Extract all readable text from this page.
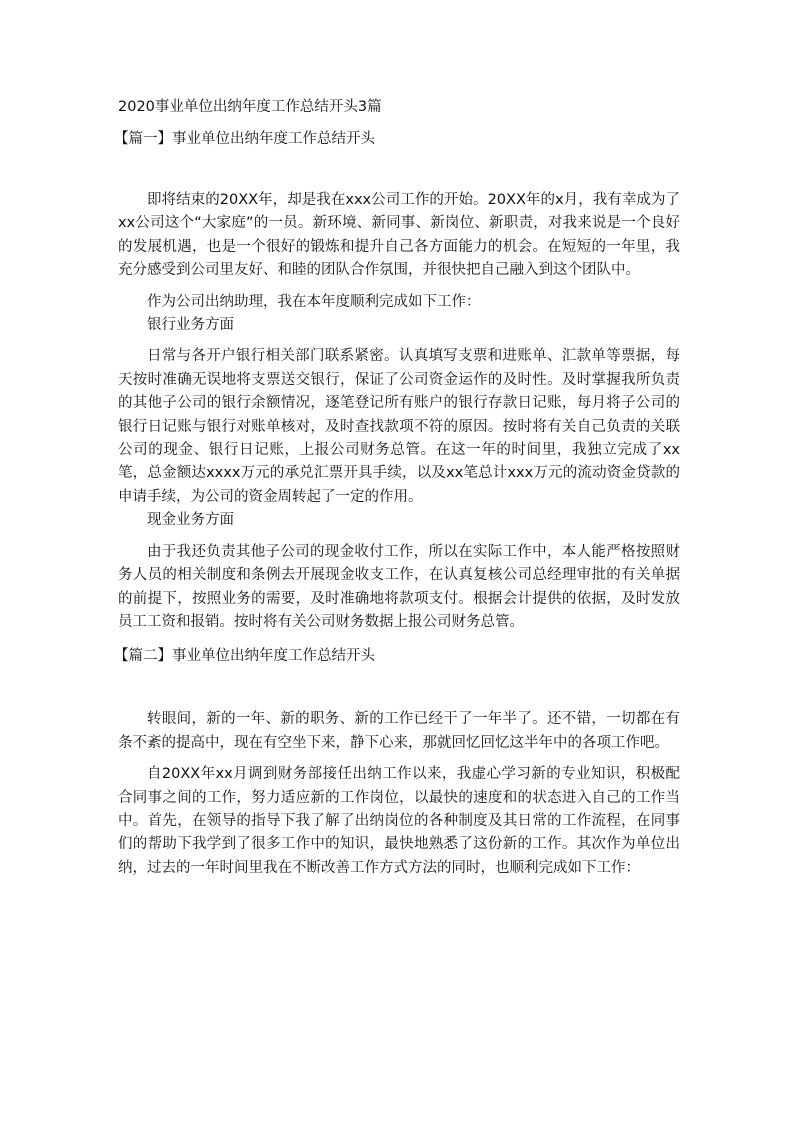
2020事业单位出纳年度工作总结开头3篇
【篇一】事业单位出纳年度工作总结开头

即将结束的20XX年，却是我在xxx公司工作的开始。20XX年的x月，我有幸成为了xx公司这个“大家庭”的一员。新环境、新同事、新岗位、新职责，对我来说是一个良好的发展机遇，也是一个很好的锻炼和提升自己各方面能力的机会。在短短的一年里，我充分感受到公司里友好、和睦的团队合作氛围，并很快把自己融入到这个团队中。

作为公司出纳助理，我在本年度顺利完成如下工作：

银行业务方面

日常与各开户银行相关部门联系紧密。认真填写支票和进账单、汇款单等票据，每天按时准确无误地将支票送交银行，保证了公司资金运作的及时性。及时掌握我所负责的其他子公司的银行余额情况，逐笔登记所有账户的银行存款日记账，每月将子公司的银行日记账与银行对账单核对，及时查找款项不符的原因。按时将有关自己负责的关联公司的现金、银行日记账，上报公司财务总管。在这一年的时间里，我独立完成了xx笔，总金额达xxxx万元的承兑汇票开具手续，以及xx笔总计xxx万元的流动资金贷款的申请手续，为公司的资金周转起了一定的作用。

现金业务方面

由于我还负责其他子公司的现金收付工作，所以在实际工作中，本人能严格按照财务人员的相关制度和条例去开展现金收支工作，在认真复核公司总经理审批的有关单据的前提下，按照业务的需要，及时准确地将款项支付。根据会计提供的依据，及时发放员工工资和报销。按时将有关公司财务数据上报公司财务总管。

【篇二】事业单位出纳年度工作总结开头

转眼间，新的一年、新的职务、新的工作已经干了一年半了。还不错，一切都在有条不紊的提高中，现在有空坐下来，静下心来，那就回忆回忆这半年中的各项工作吧。

自20XX年xx月调到财务部接任出纳工作以来，我虚心学习新的专业知识，积极配合同事之间的工作，努力适应新的工作岗位，以最快的速度和的状态进入自己的工作当中。首先，在领导的指导下我了解了出纳岗位的各种制度及其日常的工作流程，在同事们的帮助下我学到了很多工作中的知识，最快地熟悉了这份新的工作。其次作为单位出纳，过去的一年时间里我在不断改善工作方式方法的同时，也顺利完成如下工作：
